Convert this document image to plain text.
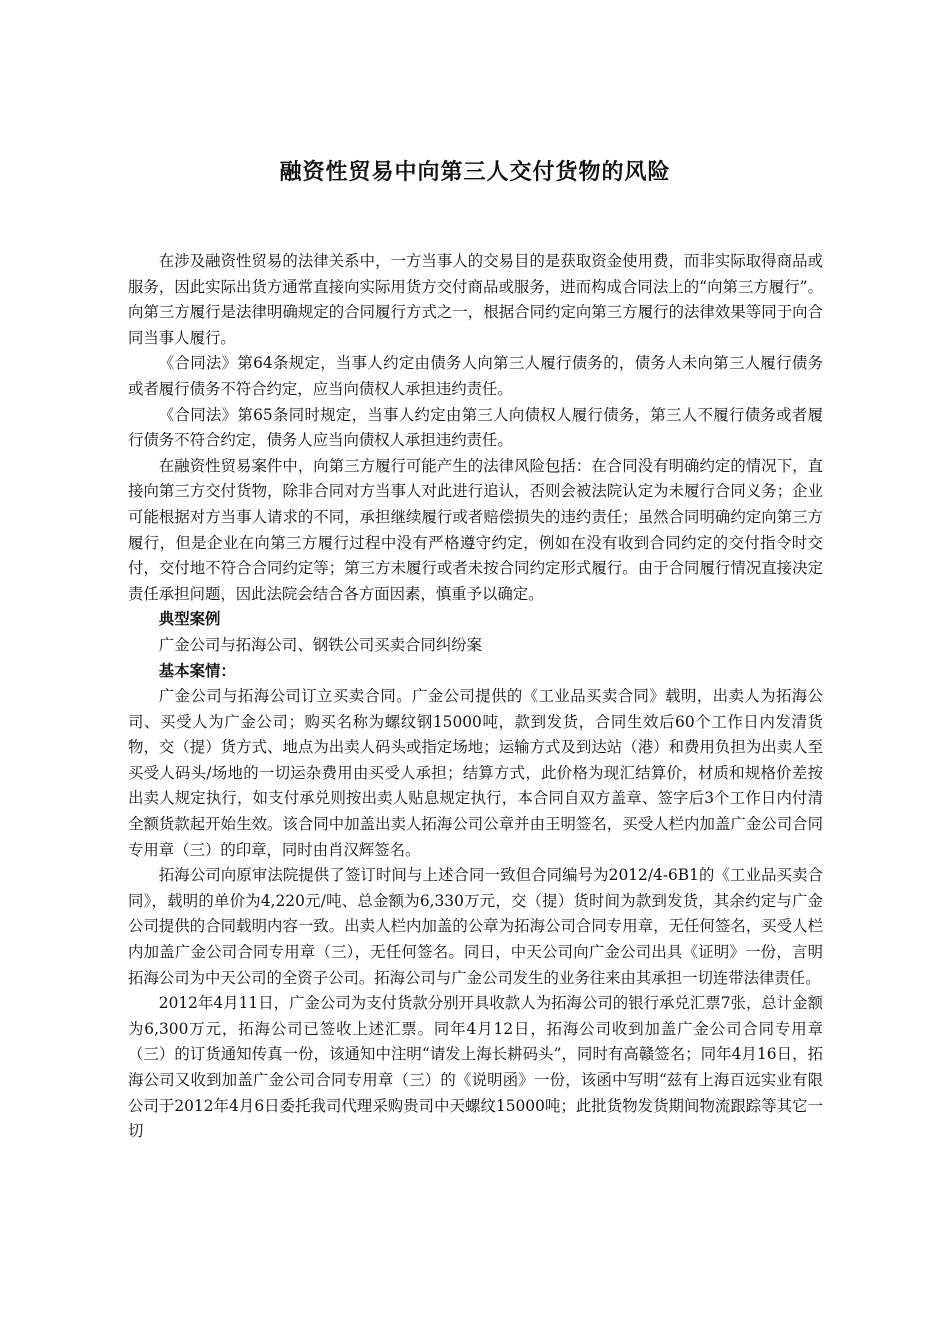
融资性贸易中向第三人交付货物的风险

在涉及融资性贸易的法律关系中，一方当事人的交易目的是获取资金使用费，而非实际取得商品或服务，因此实际出货方通常直接向实际用货方交付商品或服务，进而构成合同法上的“向第三方履行”。向第三方履行是法律明确规定的合同履行方式之一，根据合同约定向第三方履行的法律效果等同于向合同当事人履行。

《合同法》第64条规定，当事人约定由债务人向第三人履行债务的，债务人未向第三人履行债务或者履行债务不符合约定，应当向债权人承担违约责任。

《合同法》第65条同时规定，当事人约定由第三人向债权人履行债务，第三人不履行债务或者履行债务不符合约定，债务人应当向债权人承担违约责任。

在融资性贸易案件中，向第三方履行可能产生的法律风险包括：在合同没有明确约定的情况下，直接向第三方交付货物，除非合同对方当事人对此进行追认，否则会被法院认定为未履行合同义务；企业可能根据对方当事人请求的不同，承担继续履行或者赔偿损失的违约责任；虽然合同明确约定向第三方履行，但是企业在向第三方履行过程中没有严格遵守约定，例如在没有收到合同约定的交付指令时交付，交付地不符合合同约定等；第三方未履行或者未按合同约定形式履行。由于合同履行情况直接决定责任承担问题，因此法院会结合各方面因素，慎重予以确定。

典型案例

广金公司与拓海公司、钢铁公司买卖合同纠纷案

基本案情：

广金公司与拓海公司订立买卖合同。广金公司提供的《工业品买卖合同》载明，出卖人为拓海公司、买受人为广金公司；购买名称为螺纹钢15000吨，款到发货，合同生效后60个工作日内发清货物，交（提）货方式、地点为出卖人码头或指定场地；运输方式及到达站（港）和费用负担为出卖人至买受人码头/场地的一切运杂费用由买受人承担；结算方式，此价格为现汇结算价，材质和规格价差按出卖人规定执行，如支付承兑则按出卖人贴息规定执行，本合同自双方盖章、签字后3个工作日内付清全额货款起开始生效。该合同中加盖出卖人拓海公司公章并由王明签名，买受人栏内加盖广金公司合同专用章（三）的印章，同时由肖汉辉签名。

拓海公司向原审法院提供了签订时间与上述合同一致但合同编号为2012/4-6B1的《工业品买卖合同》，载明的单价为4,220元/吨、总金额为6,330万元，交（提）货时间为款到发货，其余约定与广金公司提供的合同载明内容一致。出卖人栏内加盖的公章为拓海公司合同专用章，无任何签名，买受人栏内加盖广金公司合同专用章（三），无任何签名。同日，中天公司向广金公司出具《证明》一份，言明拓海公司为中天公司的全资子公司。拓海公司与广金公司发生的业务往来由其承担一切连带法律责任。

2012年4月11日，广金公司为支付货款分别开具收款人为拓海公司的银行承兑汇票7张，总计金额为6,300万元，拓海公司已签收上述汇票。同年4月12日，拓海公司收到加盖广金公司合同专用章（三）的订货通知传真一份，该通知中注明“请发上海长耕码头”，同时有高赣签名；同年4月16日，拓海公司又收到加盖广金公司合同专用章（三）的《说明函》一份，该函中写明“兹有上海百远实业有限公司于2012年4月6日委托我司代理采购贵司中天螺纹15000吨；此批货物发货期间物流跟踪等其它一切
